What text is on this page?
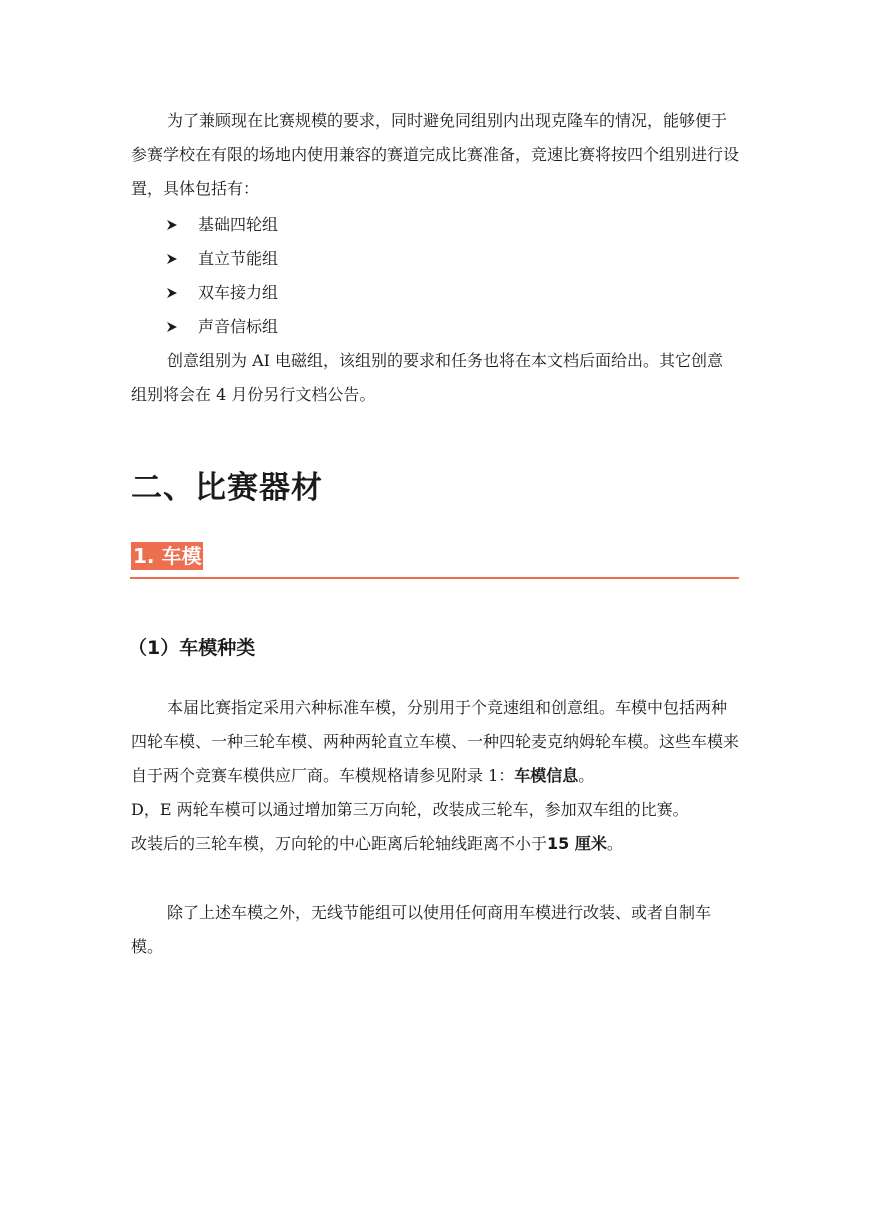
为了兼顾现在比赛规模的要求，同时避免同组别内出现克隆车的情况，能够便于参赛学校在有限的场地内使用兼容的赛道完成比赛准备，竞速比赛将按四个组别进行设置，具体包括有：

基础四轮组
直立节能组
双车接力组
声音信标组

创意组别为 AI 电磁组，该组别的要求和任务也将在本文档后面给出。其它创意组别将会在 4 月份另行文档公告。

二、比赛器材
1. 车模
（1）车模种类
本届比赛指定采用六种标准车模，分别用于个竞速组和创意组。车模中包括两种四轮车模、一种三轮车模、两种两轮直立车模、一种四轮麦克纳姆轮车模。这些车模来自于两个竞赛车模供应厂商。车模规格请参见附录 1：车模信息。
D，E 两轮车模可以通过增加第三万向轮，改装成三轮车，参加双车组的比赛。
改装后的三轮车模，万向轮的中心距离后轮轴线距离不小于15 厘米。

除了上述车模之外，无线节能组可以使用任何商用车模进行改装、或者自制车模。
